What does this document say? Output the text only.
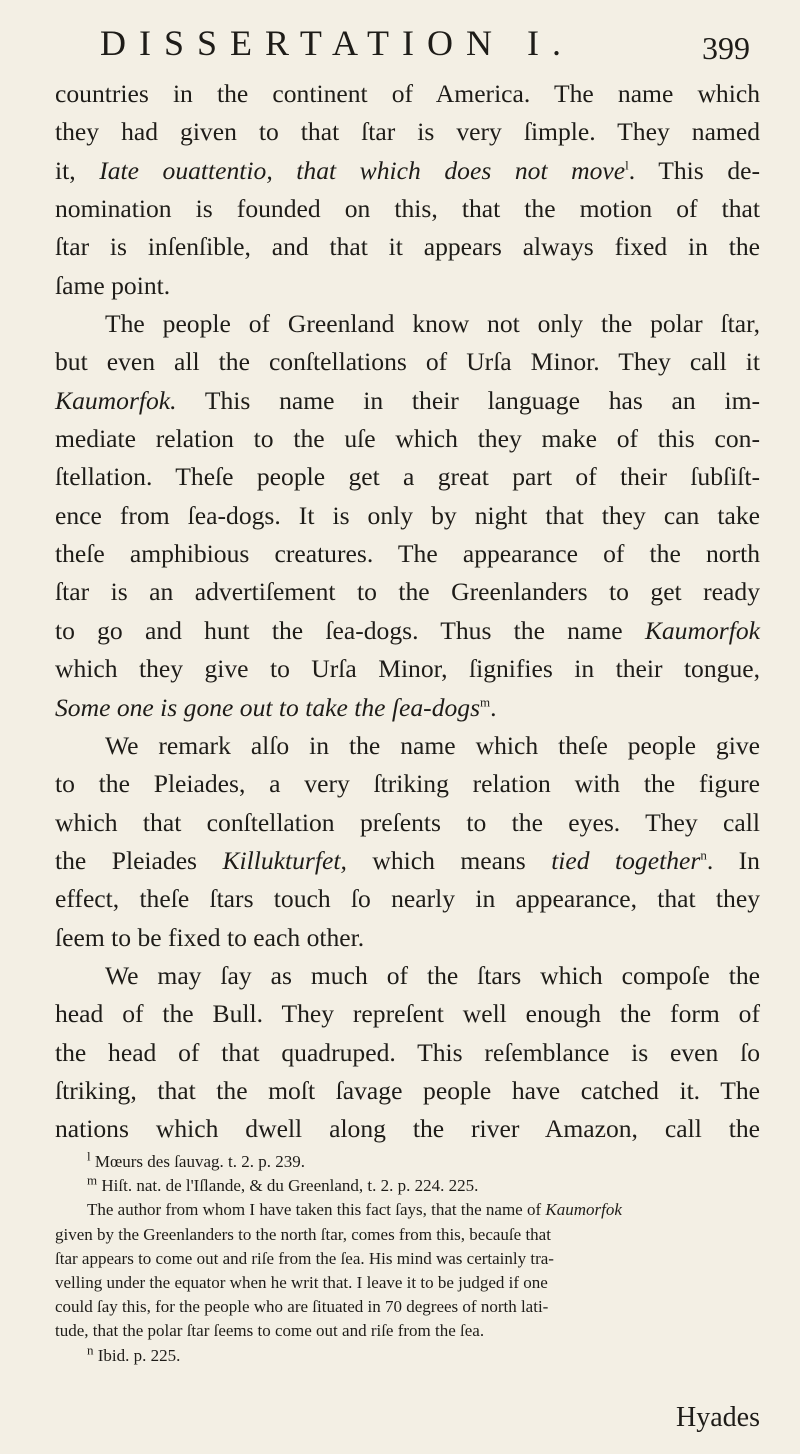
DISSERTATION I.	399
countries in the continent of America. The name which
they had given to that ſtar is very ſimple. They named
it, Iate ouattentio, that which does not move$^l$. This de-
nomination is founded on this, that the motion of that
ſtar is inſenſible, and that it appears always fixed in the
ſame point.
The people of Greenland know not only the polar ſtar,
but even all the conſtellations of Urſa Minor. They call it
Kaumorfok. This name in their language has an im-
mediate relation to the uſe which they make of this con-
ſtellation. Theſe people get a great part of their ſubſiſt-
ence from ſea-dogs. It is only by night that they can take
theſe amphibious creatures. The appearance of the north
ſtar is an advertiſement to the Greenlanders to get ready
to go and hunt the ſea-dogs. Thus the name Kaumorfok
which they give to Urſa Minor, ſignifies in their tongue,
Some one is gone out to take the ſea-dogs$^m$.
We remark alſo in the name which theſe people give
to the Pleiades, a very ſtriking relation with the figure
which that conſtellation preſents to the eyes. They call
the Pleiades Killukturfet, which means tied together$^n$. In
effect, theſe ſtars touch ſo nearly in appearance, that they
ſeem to be fixed to each other.
We may ſay as much of the ſtars which compoſe the
head of the Bull. They repreſent well enough the form of
the head of that quadruped. This reſemblance is even ſo
ſtriking, that the moſt ſavage people have catched it. The
nations which dwell along the river Amazon, call the
$^l$ Mœurs des ſauvag. t. 2. p. 239.
$^m$ Hiſt. nat. de l'Iſlande, & du Greenland, t. 2. p. 224. 225.
The author from whom I have taken this fact ſays, that the name of Kaumorfok
given by the Greenlanders to the north ſtar, comes from this, becauſe that
ſtar appears to come out and riſe from the ſea. His mind was certainly tra-
velling under the equator when he writ that. I leave it to be judged if one
could ſay this, for the people who are ſituated in 70 degrees of north lati-
tude, that the polar ſtar ſeems to come out and riſe from the ſea.
$^n$ Ibid. p. 225.
Hyades
